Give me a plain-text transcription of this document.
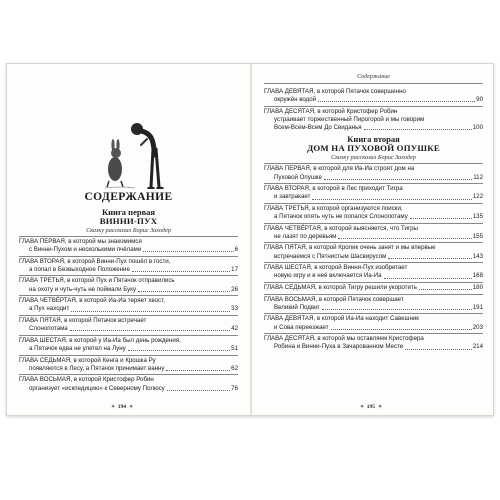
СОДЕРЖАНИЕ
Книга первая
ВИННИ-ПУХ
Сказку рассказал Борис Заходер
ГЛАВА ПЕРВАЯ, в которой мы знакомимся
с Винни-Пухом и несколькими пчёлами	6
ГЛАВА ВТОРАЯ, в которой Винни-Пух пошёл в гости,
а попал в Безвыходное Положение	17
ГЛАВА ТРЕТЬЯ, в которой Пух и Пятачок отправились
на охоту и чуть-чуть не поймали Буку	26
ГЛАВА ЧЕТВЁРТАЯ, в которой Иа-Иа теряет хвост,
а Пух находит	33
ГЛАВА ПЯТАЯ, в которой Пятачок встречает
Слонопотама	42
ГЛАВА ШЕСТАЯ, в которой у Иа-Иа был день рождения,
а Пятачок едва не улетел на Луну	51
ГЛАВА СЕДЬМАЯ, в которой Кенга и Крошка Ру
появляются в Лесу, а Пятачок принимает ванну	62
ГЛАВА ВОСЬМАЯ, в которой Кристофер Робин
организует «искпедицию» к Северному Полюсу	76
✦ 194 ✦
Содержание
ГЛАВА ДЕВЯТАЯ, в которой Пятачок совершенно
окружён водой	90
ГЛАВА ДЕСЯТАЯ, в которой Кристофер Робин
устраивает торжественный Пирогорой и мы говорим
Всем-Всем-Всем До Свиданья	100
Книга вторая
ДОМ НА ПУХОВОЙ ОПУШКЕ
Сказку рассказал Борис Заходер
ГЛАВА ПЕРВАЯ, в которой для Иа-Иа строят дом на
Пуховой Опушке	112
ГЛАВА ВТОРАЯ, в которой в Лес приходит Тигра
и завтракает	122
ГЛАВА ТРЕТЬЯ, в которой организуются поиски,
а Пятачок опять чуть не попался Слонопотаму	135
ГЛАВА ЧЕТВЁРТАЯ, в которой выясняется, что Тигры
не лазят по деревьям	155
ГЛАВА ПЯТАЯ, в которой Кролик очень занят и мы впервые
встречаемся с Пятнистым Шасвирусом	143
ГЛАВА ШЕСТАЯ, в которой Винни-Пух изобретает
новую игру и в неё включается Иа-Иа	168
ГЛАВА СЕДЬМАЯ, в которой Тигру решили укоротить	180
ГЛАВА ВОСЬМАЯ, в которой Пятачок совершает
Великий Подвиг	191
ГЛАВА ДЕВЯТАЯ, в которой Иа-Иа находит Савешник
и Сова переезжает	203
ГЛАВА ДЕСЯТАЯ, в которой мы оставляем Кристофера
Робина и Винни-Пуха в Зачарованном Месте	214
✦ 195 ✦
